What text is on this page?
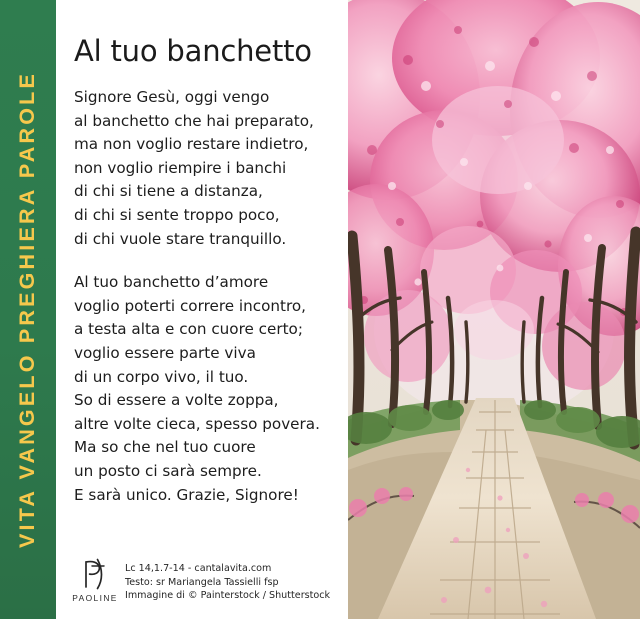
VITA VANGELO PREGHIERA PAROLE
Al tuo banchetto
Signore Gesù, oggi vengo
al banchetto che hai preparato,
ma non voglio restare indietro,
non voglio riempire i banchi
di chi si tiene a distanza,
di chi si sente troppo poco,
di chi vuole stare tranquillo.
Al tuo banchetto d’amore
voglio poterti correre incontro,
a testa alta e con cuore certo;
voglio essere parte viva
di un corpo vivo, il tuo.
So di essere a volte zoppa,
altre volte cieca, spesso povera.
Ma so che nel tuo cuore
un posto ci sarà sempre.
E sarà unico. Grazie, Signore!
PAOLINE
Lc 14,1.7-14 - cantalavita.com
Testo: sr Mariangela Tassielli fsp
Immagine di © Painterstock / Shutterstock
